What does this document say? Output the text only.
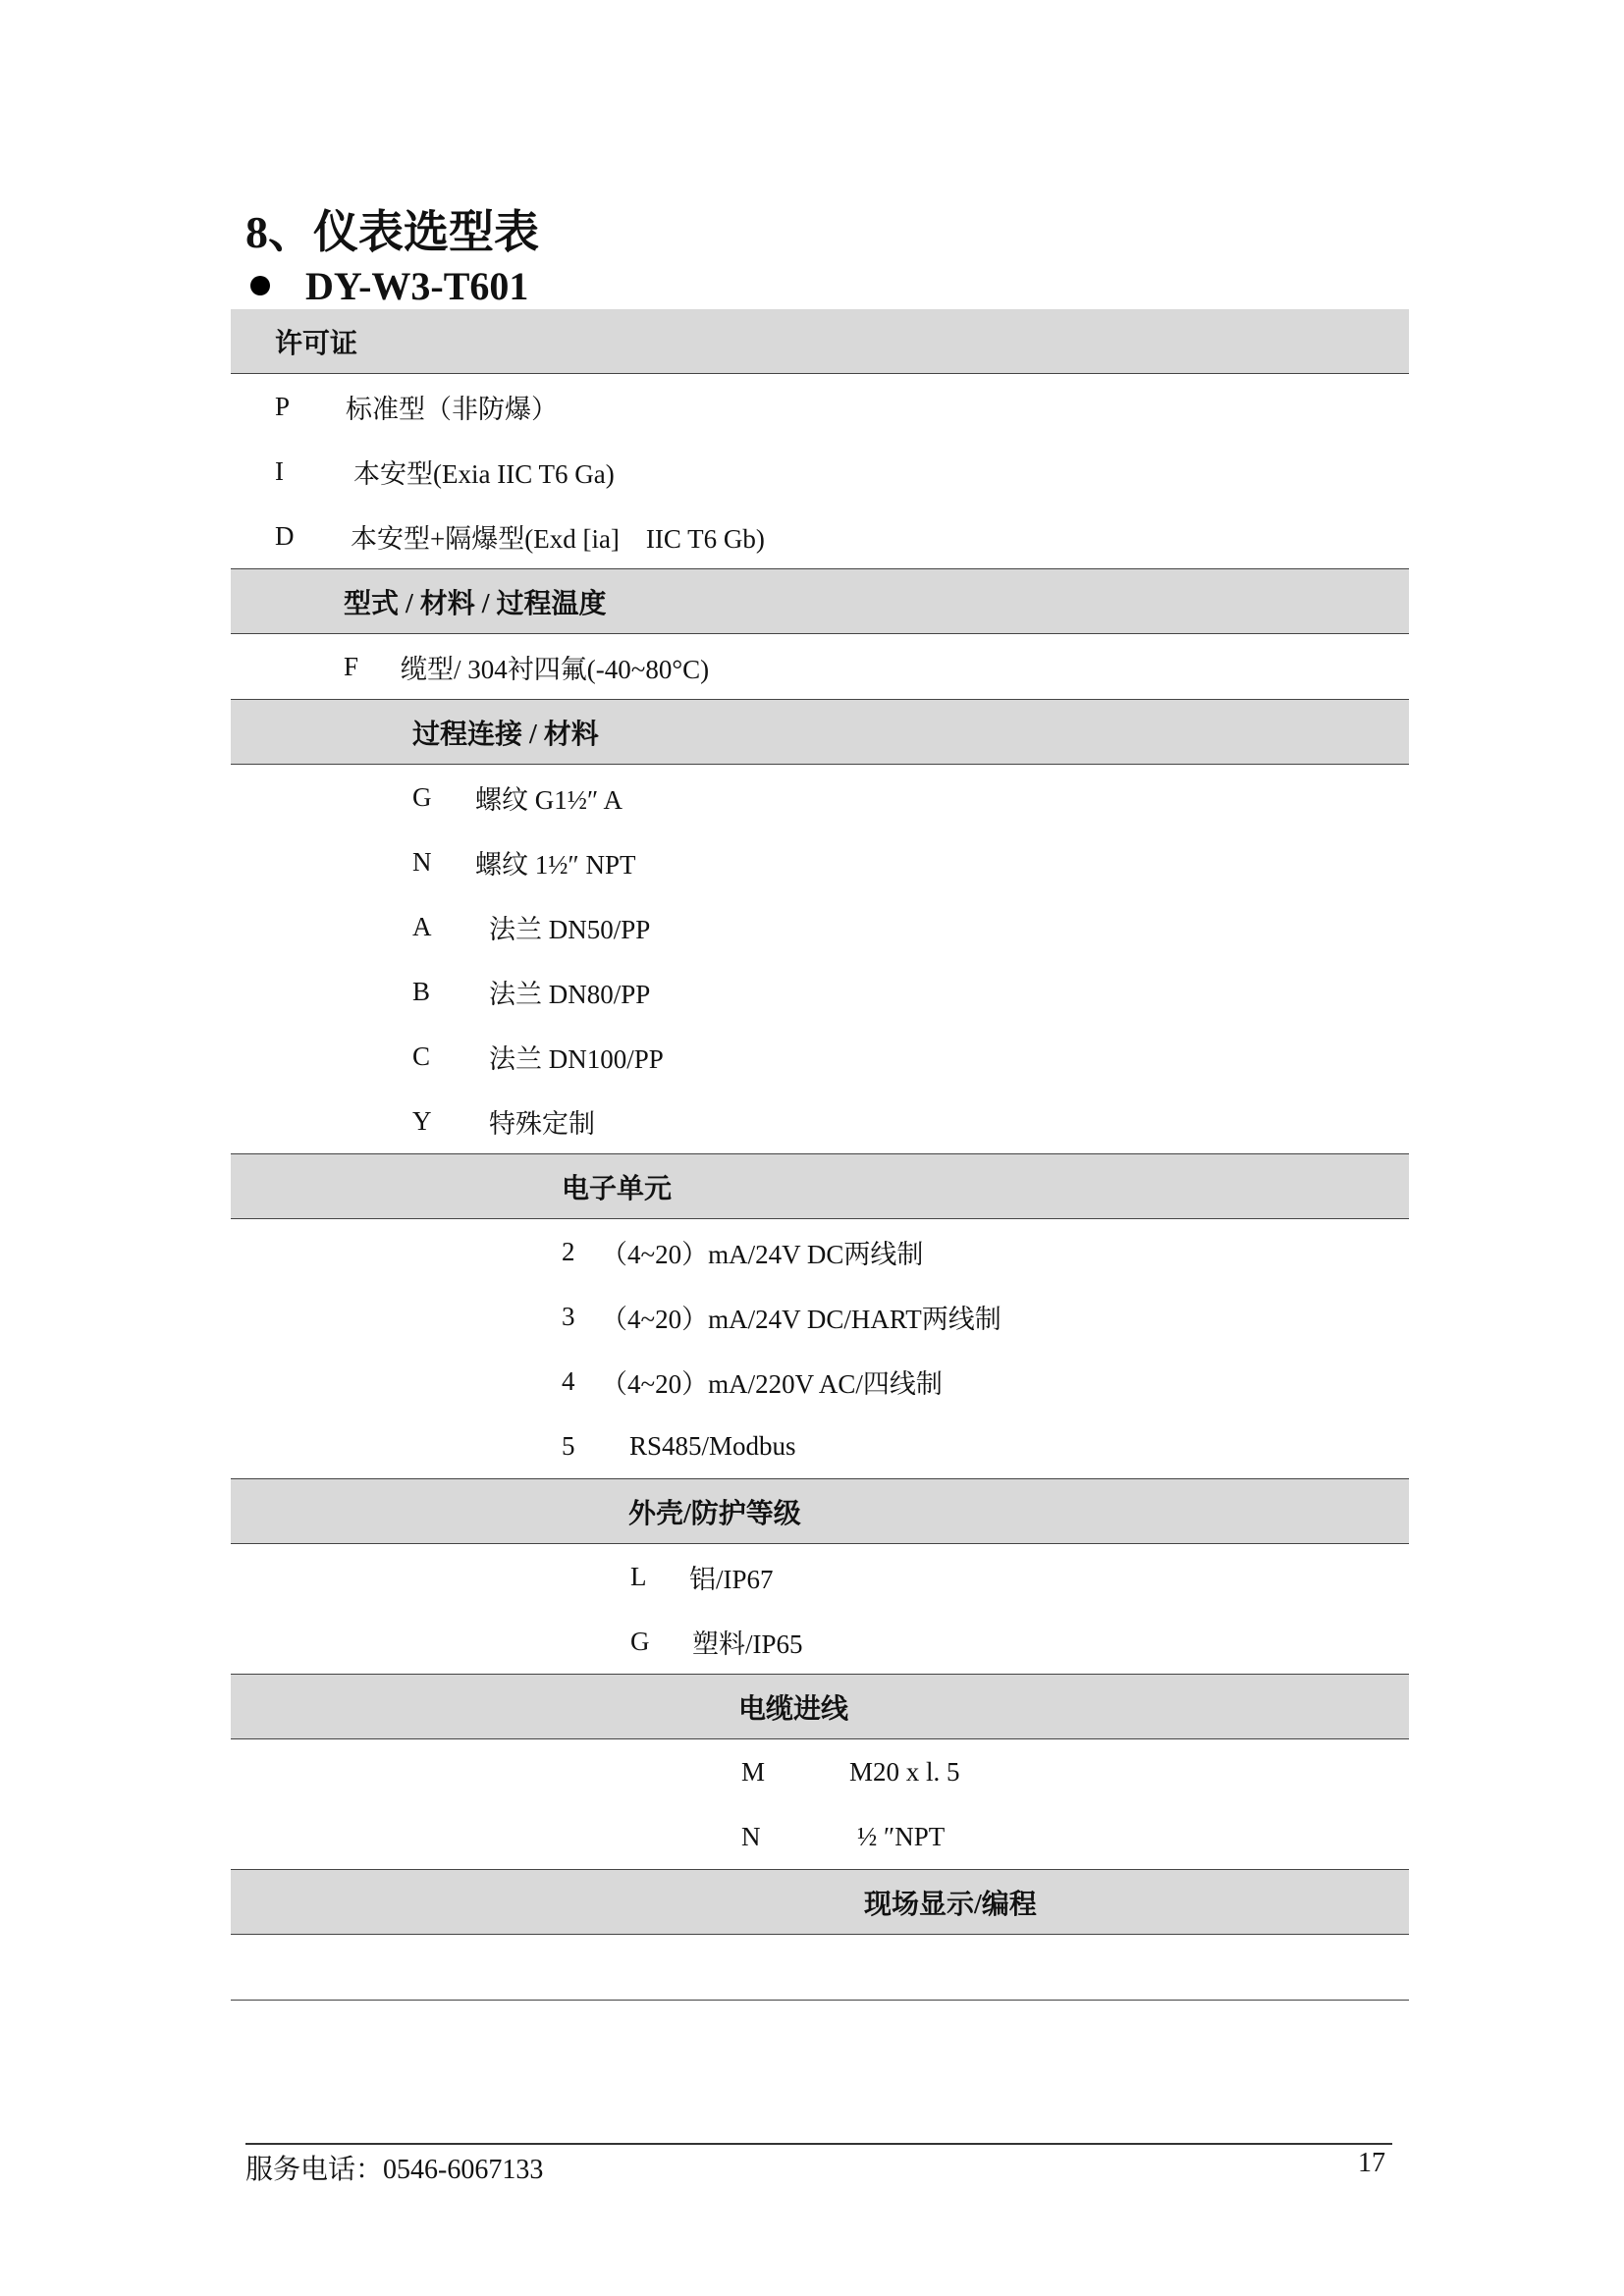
8、仪表选型表
DY-W3-T601
许可证
P	标准型（非防爆）
I	本安型(Exia IIC T6 Ga)
D	本安型+隔爆型(Exd [ia]　IIC T6 Gb)
型式 / 材料 / 过程温度
F	缆型/ 304衬四氟(-40~80°C)
过程连接 / 材料
G	螺纹 G1½″ A
N	螺纹 1½″ NPT
A	法兰 DN50/PP
B	法兰 DN80/PP
C	法兰 DN100/PP
Y	特殊定制
电子单元
2 （4~20）mA/24V DC两线制
3 （4~20）mA/24V DC/HART两线制
4 （4~20）mA/220V AC/四线制
5	RS485/Modbus
外壳/防护等级
L	铝/IP67
G	塑料/IP65
电缆进线
M	M20 x l. 5
N	½ ″NPT
现场显示/编程
服务电话：0546-6067133	17
